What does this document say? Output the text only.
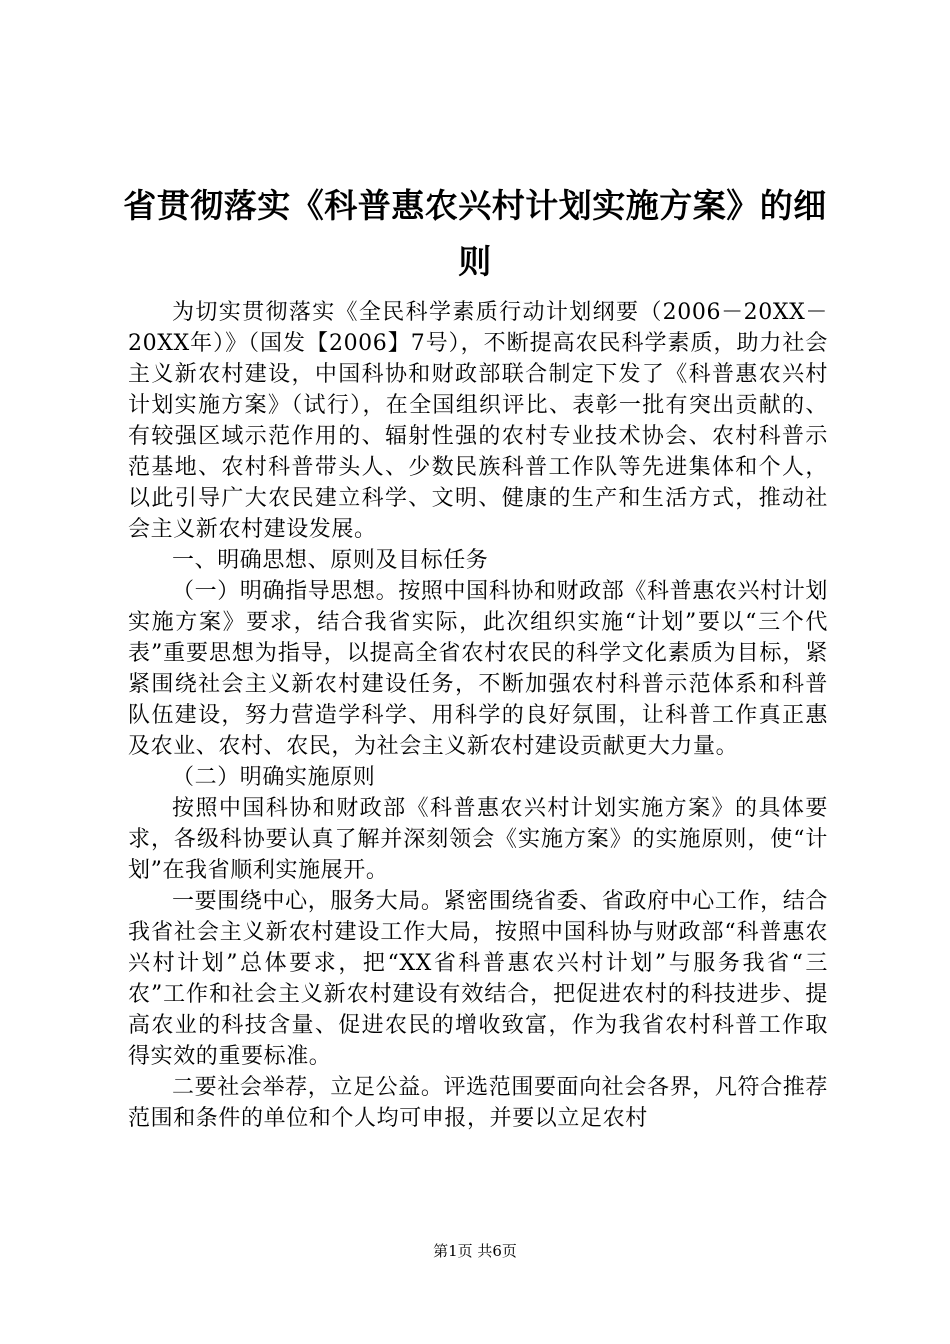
省贯彻落实《科普惠农兴村计划实施方案》的细则

为切实贯彻落实《全民科学素质行动计划纲要（2006－20XX－20XX年）》（国发【2006】7号），不断提高农民科学素质，助力社会主义新农村建设，中国科协和财政部联合制定下发了《科普惠农兴村计划实施方案》（试行），在全国组织评比、表彰一批有突出贡献的、有较强区域示范作用的、辐射性强的农村专业技术协会、农村科普示范基地、农村科普带头人、少数民族科普工作队等先进集体和个人，以此引导广大农民建立科学、文明、健康的生产和生活方式，推动社会主义新农村建设发展。

一、明确思想、原则及目标任务

（一）明确指导思想。按照中国科协和财政部《科普惠农兴村计划实施方案》要求，结合我省实际，此次组织实施“计划”要以“三个代表”重要思想为指导，以提高全省农村农民的科学文化素质为目标，紧紧围绕社会主义新农村建设任务，不断加强农村科普示范体系和科普队伍建设，努力营造学科学、用科学的良好氛围，让科普工作真正惠及农业、农村、农民，为社会主义新农村建设贡献更大力量。

（二）明确实施原则

按照中国科协和财政部《科普惠农兴村计划实施方案》的具体要求，各级科协要认真了解并深刻领会《实施方案》的实施原则，使“计划”在我省顺利实施展开。

一要围绕中心，服务大局。紧密围绕省委、省政府中心工作，结合我省社会主义新农村建设工作大局，按照中国科协与财政部“科普惠农兴村计划”总体要求，把“XX省科普惠农兴村计划”与服务我省“三农”工作和社会主义新农村建设有效结合，把促进农村的科技进步、提高农业的科技含量、促进农民的增收致富，作为我省农村科普工作取得实效的重要标准。

二要社会举荐，立足公益。评选范围要面向社会各界，凡符合推荐范围和条件的单位和个人均可申报，并要以立足农村

第1页 共6页
